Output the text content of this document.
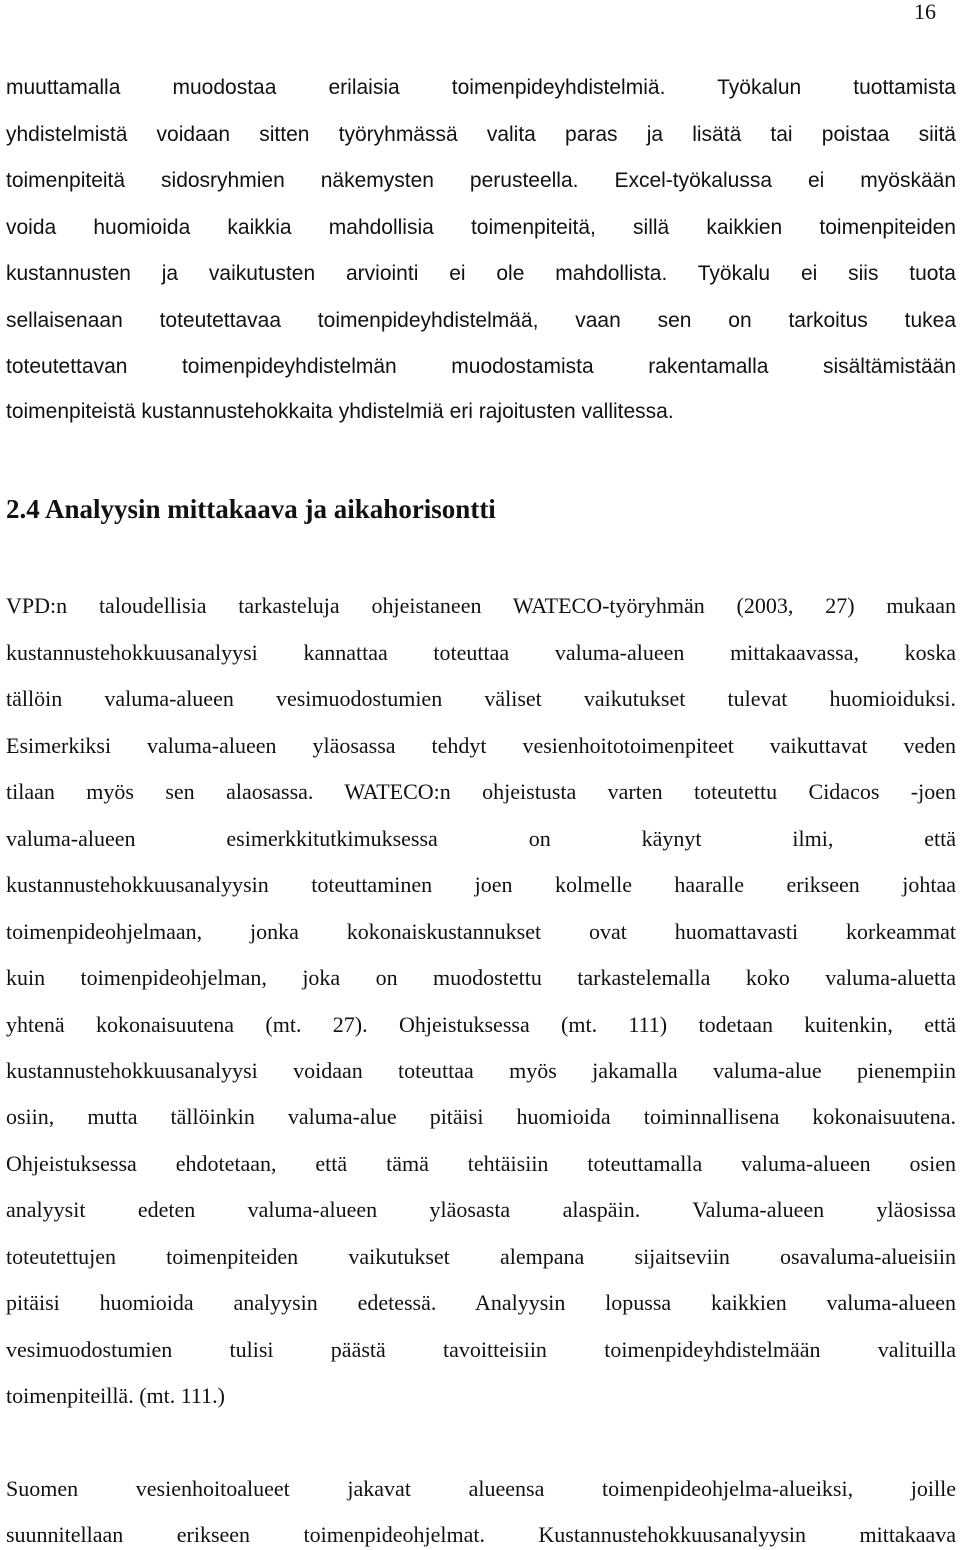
16
muuttamalla muodostaa erilaisia toimenpideyhdistelmiä. Työkalun tuottamista
yhdistelmistä voidaan sitten työryhmässä valita paras ja lisätä tai poistaa siitä
toimenpiteitä sidosryhmien näkemysten perusteella. Excel-työkalussa ei myöskään
voida huomioida kaikkia mahdollisia toimenpiteitä, sillä kaikkien toimenpiteiden
kustannusten ja vaikutusten arviointi ei ole mahdollista. Työkalu ei siis tuota
sellaisenaan toteutettavaa toimenpideyhdistelmää, vaan sen on tarkoitus tukea
toteutettavan toimenpideyhdistelmän muodostamista rakentamalla sisältämistään
toimenpiteistä kustannustehokkaita yhdistelmiä eri rajoitusten vallitessa.
2.4 Analyysin mittakaava ja aikahorisontti
VPD:n taloudellisia tarkasteluja ohjeistaneen WATECO-työryhmän (2003, 27) mukaan
kustannustehokkuusanalyysi kannattaa toteuttaa valuma-alueen mittakaavassa, koska
tällöin valuma-alueen vesimuodostumien väliset vaikutukset tulevat huomioiduksi.
Esimerkiksi valuma-alueen yläosassa tehdyt vesienhoitotoimenpiteet vaikuttavat veden
tilaan myös sen alaosassa. WATECO:n ohjeistusta varten toteutettu Cidacos -joen
valuma-alueen esimerkkitutkimuksessa on käynyt ilmi, että
kustannustehokkuusanalyysin toteuttaminen joen kolmelle haaralle erikseen johtaa
toimenpideohjelmaan, jonka kokonaiskustannukset ovat huomattavasti korkeammat
kuin toimenpideohjelman, joka on muodostettu tarkastelemalla koko valuma-aluetta
yhtenä kokonaisuutena (mt. 27). Ohjeistuksessa (mt. 111) todetaan kuitenkin, että
kustannustehokkuusanalyysi voidaan toteuttaa myös jakamalla valuma-alue pienempiin
osiin, mutta tällöinkin valuma-alue pitäisi huomioida toiminnallisena kokonaisuutena.
Ohjeistuksessa ehdotetaan, että tämä tehtäisiin toteuttamalla valuma-alueen osien
analyysit edeten valuma-alueen yläosasta alaspäin. Valuma-alueen yläosissa
toteutettujen toimenpiteiden vaikutukset alempana sijaitseviin osavaluma-alueisiin
pitäisi huomioida analyysin edetessä. Analyysin lopussa kaikkien valuma-alueen
vesimuodostumien tulisi päästä tavoitteisiin toimenpideyhdistelmään valituilla
toimenpiteillä. (mt. 111.)
Suomen vesienhoitoalueet jakavat alueensa toimenpideohjelma-alueiksi, joille
suunnitellaan erikseen toimenpideohjelmat. Kustannustehokkuusanalyysin mittakaava
